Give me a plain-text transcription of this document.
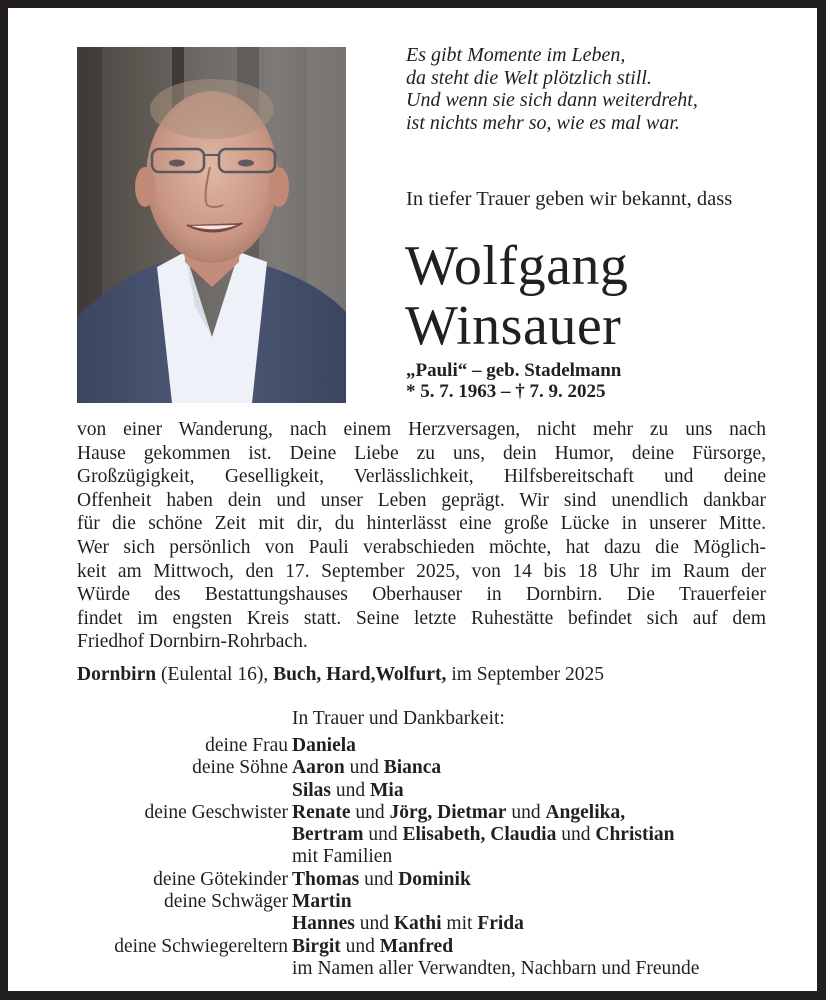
Es gibt Momente im Leben,
da steht die Welt plötzlich still.
Und wenn sie sich dann weiterdreht,
ist nichts mehr so, wie es mal war.
In tiefer Trauer geben wir bekannt, dass
Wolfgang
Winsauer
„Pauli“ – geb. Stadelmann
* 5. 7. 1963 – † 7. 9. 2025
von einer Wanderung, nach einem Herzversagen, nicht mehr zu uns nach
Hause gekommen ist. Deine Liebe zu uns, dein Humor, deine Fürsorge,
Großzügigkeit, Geselligkeit, Verlässlichkeit, Hilfsbereitschaft und deine
Offenheit haben dein und unser Leben geprägt. Wir sind unendlich dankbar
für die schöne Zeit mit dir, du hinterlässt eine große Lücke in unserer Mitte.
Wer sich persönlich von Pauli verabschieden möchte, hat dazu die Möglich-
keit am Mittwoch, den 17. September 2025, von 14 bis 18 Uhr im Raum der
Würde des Bestattungshauses Oberhauser in Dornbirn. Die Trauerfeier
findet im engsten Kreis statt. Seine letzte Ruhestätte befindet sich auf dem
Friedhof Dornbirn-Rohrbach.
Dornbirn (Eulental 16), Buch, Hard,Wolfurt, im September 2025
In Trauer und Dankbarkeit:
deine Frau Daniela
deine Söhne Aaron und Bianca
Silas und Mia
deine Geschwister Renate und Jörg, Dietmar und Angelika,
Bertram und Elisabeth, Claudia und Christian
mit Familien
deine Götekinder Thomas und Dominik
deine Schwäger Martin
Hannes und Kathi mit Frida
deine Schwiegereltern Birgit und Manfred
im Namen aller Verwandten, Nachbarn und Freunde
